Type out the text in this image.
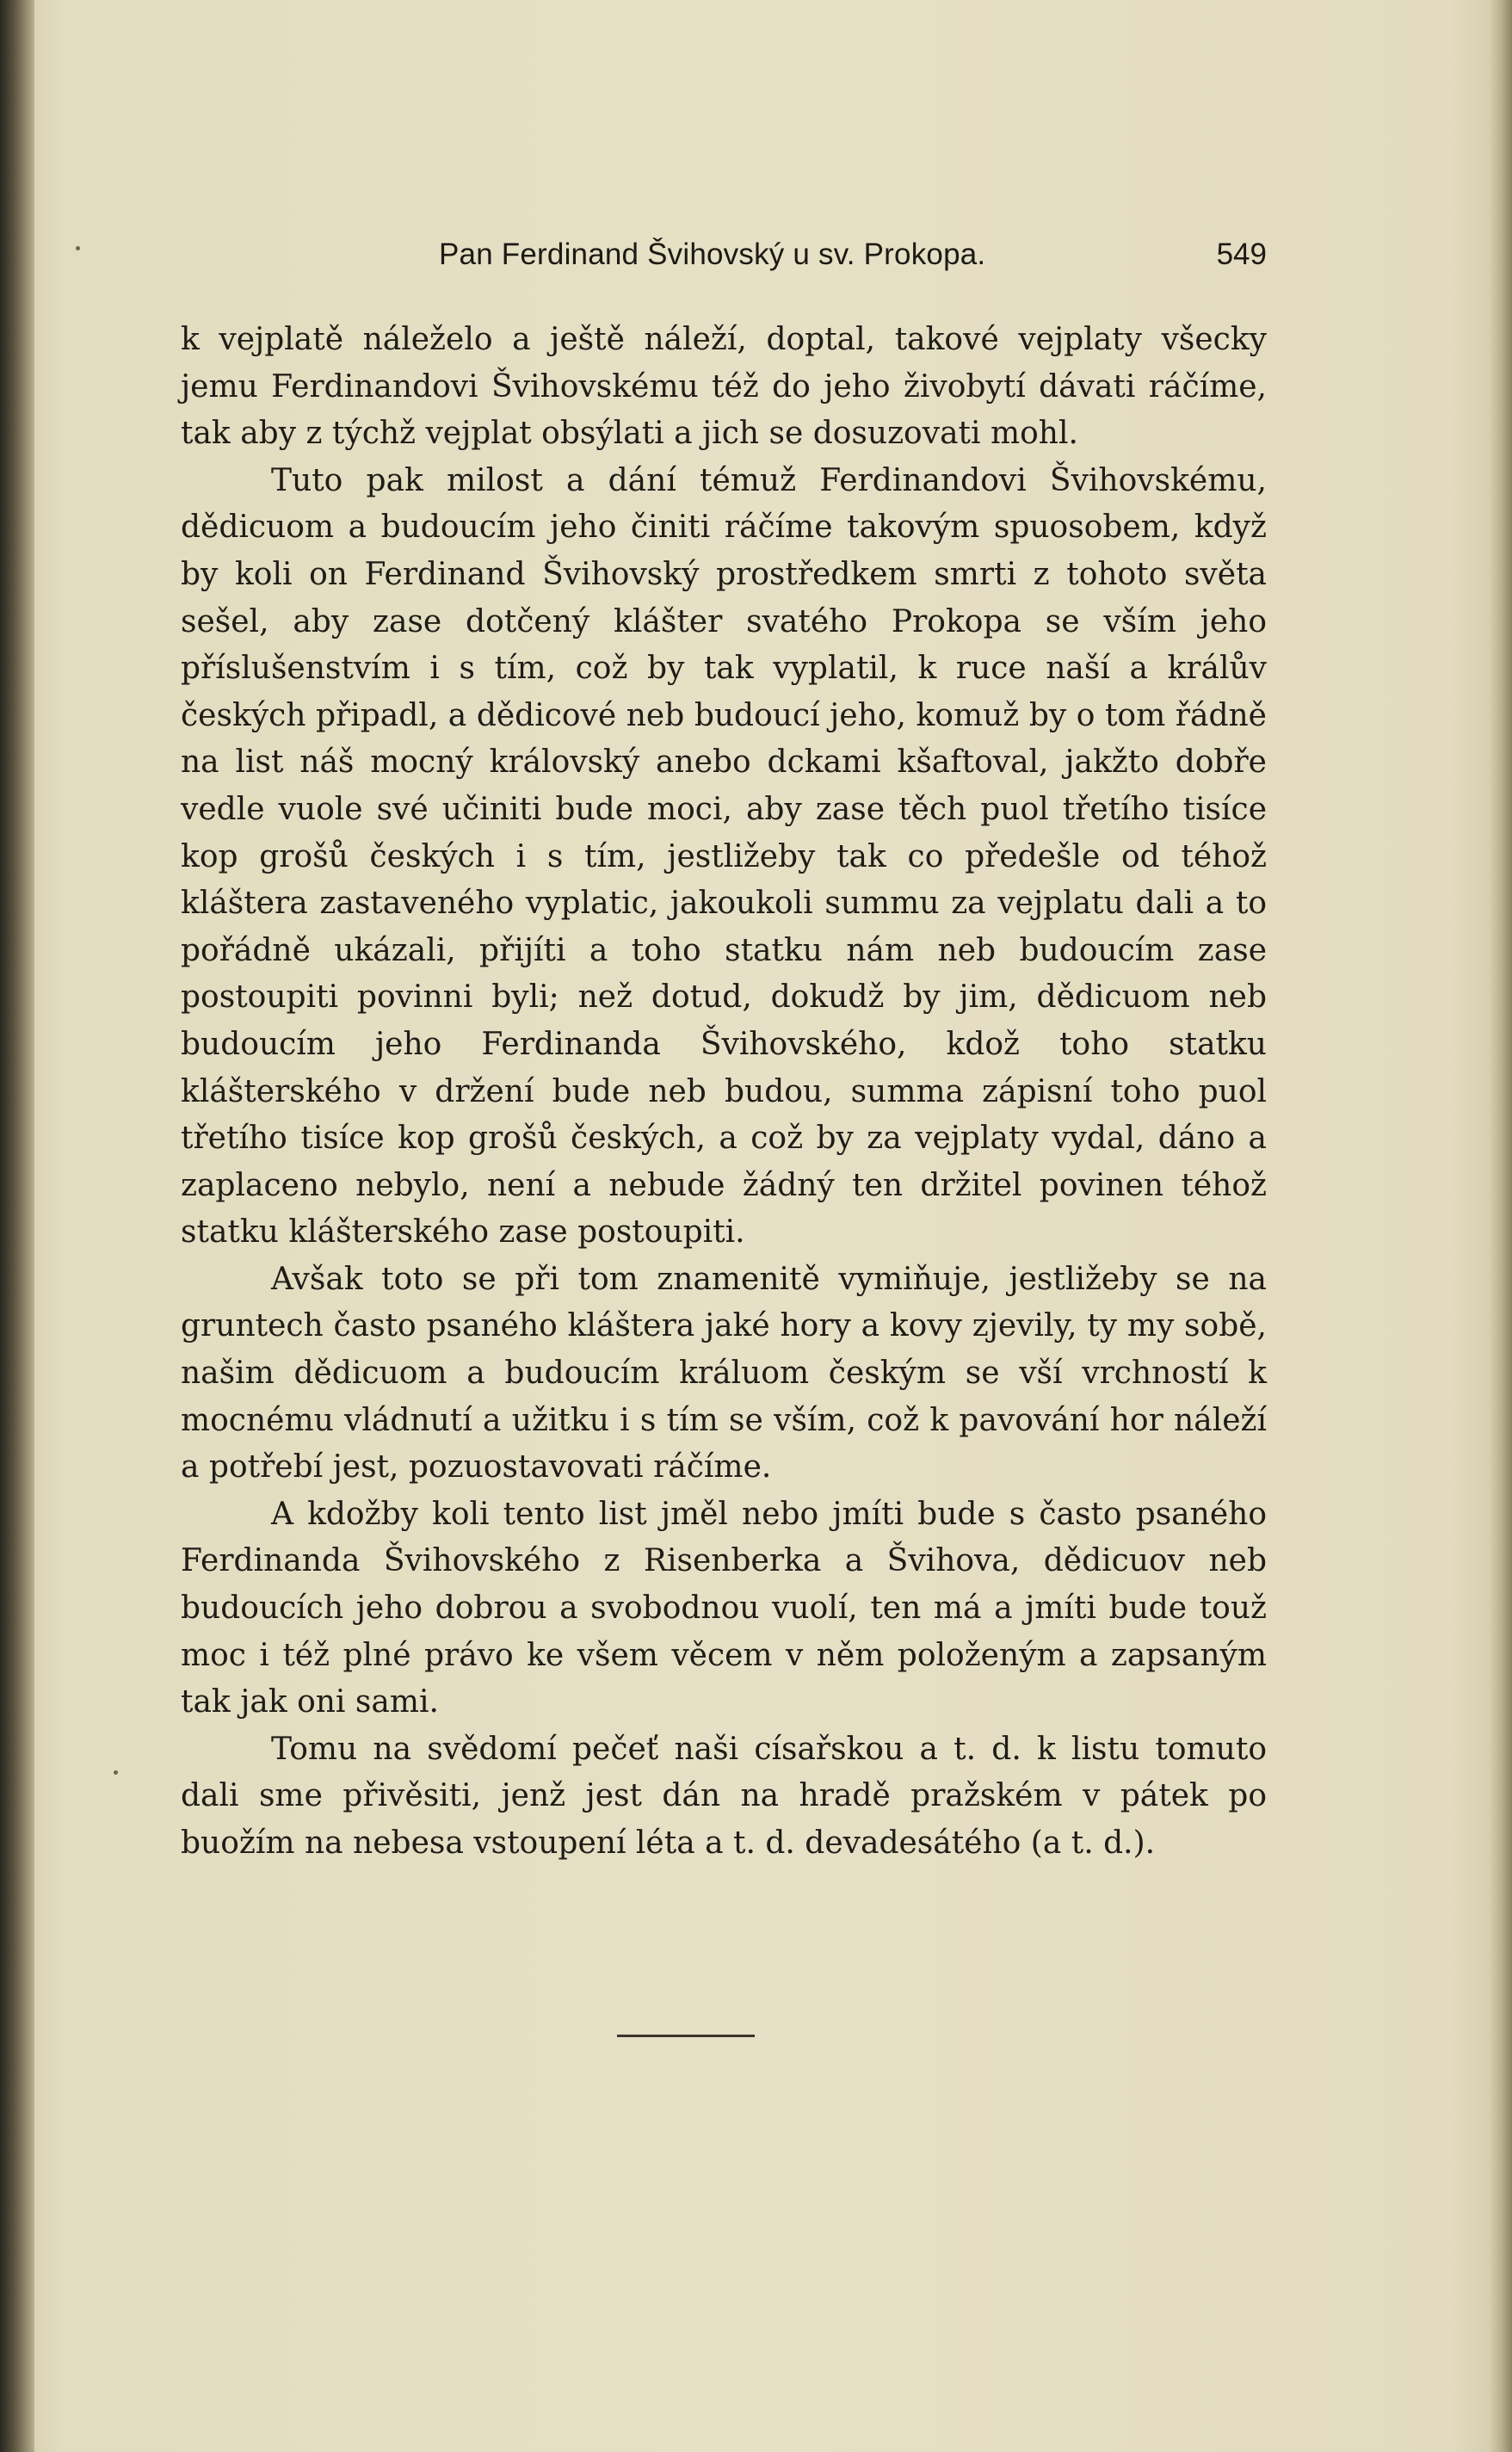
Pan Ferdinand Švihovský u sv. Prokopa.	549

k vejplatě náleželo a ještě náleží, doptal, takové vejplaty všecky jemu Ferdinandovi Švihovskému též do jeho živobytí dávati ráčíme, tak aby z týchž vejplat obsýlati a jich se dosuzovati mohl.

Tuto pak milost a dání témuž Ferdinandovi Švihovskému, dědicuom a budoucím jeho činiti ráčíme takovým spuosobem, když by koli on Ferdinand Švihovský prostředkem smrti z tohoto světa sešel, aby zase dotčený klášter svatého Prokopa se vším jeho příslušenstvím i s tím, což by tak vyplatil, k ruce naší a králův českých připadl, a dědicové neb budoucí jeho, komuž by o tom řádně na list náš mocný královský anebo dckami kšaftoval, jakžto dobře vedle vuole své učiniti bude moci, aby zase těch puol třetího tisíce kop grošů českých i s tím, jestližeby tak co předešle od téhož kláštera zastaveného vyplatic, jakoukoli summu za vejplatu dali a to pořádně ukázali, přijíti a toho statku nám neb budoucím zase postoupiti povinni byli; než dotud, dokudž by jim, dědicuom neb budoucím jeho Ferdinanda Švihovského, kdož toho statku klášterského v držení bude neb budou, summa zápisní toho puol třetího tisíce kop grošů českých, a což by za vejplaty vydal, dáno a zaplaceno nebylo, není a nebude žádný ten držitel povinen téhož statku klášterského zase postoupiti.

Avšak toto se při tom znamenitě vymiňuje, jestližeby se na gruntech často psaného kláštera jaké hory a kovy zjevily, ty my sobě, našim dědicuom a budoucím králuom českým se vší vrchností k mocnému vládnutí a užitku i s tím se vším, což k pavování hor náleží a potřebí jest, pozuostavovati ráčíme.

A kdožby koli tento list jměl nebo jmíti bude s často psaného Ferdinanda Švihovského z Risenberka a Švihova, dědicuov neb budoucích jeho dobrou a svobodnou vuolí, ten má a jmíti bude touž moc i též plné právo ke všem věcem v něm položeným a zapsaným tak jak oni sami.

Tomu na svědomí pečeť naši císařskou a t. d. k listu tomuto dali sme přivěsiti, jenž jest dán na hradě pražském v pátek po buožím na nebesa vstoupení léta a t. d. devadesátého (a t. d.).
